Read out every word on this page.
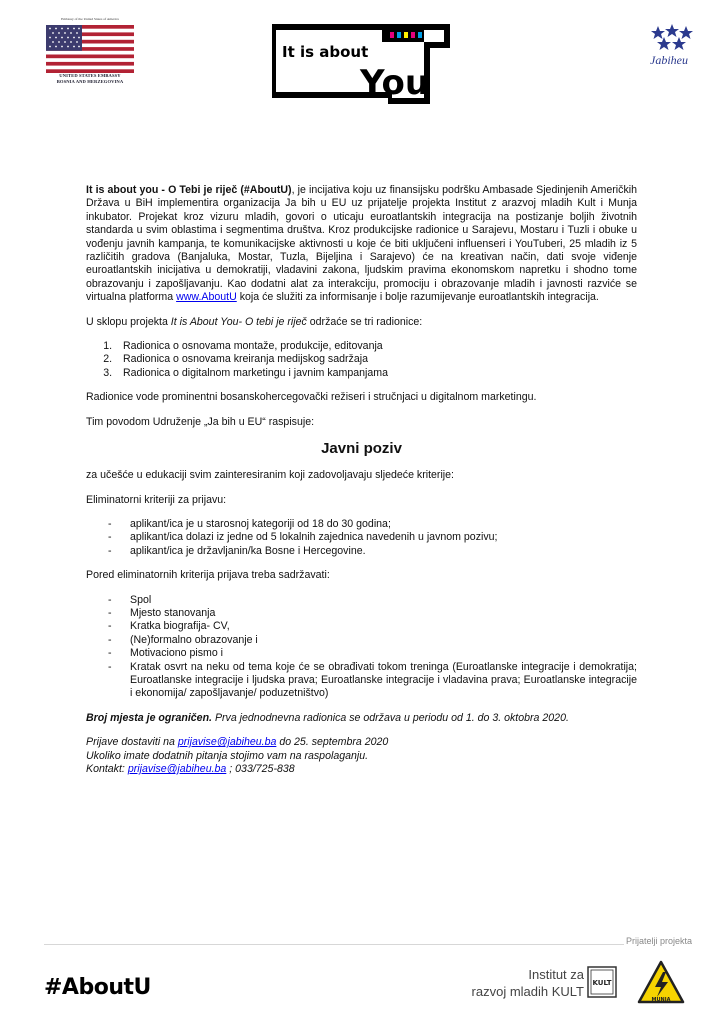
Embassy of the United States of America
UNITED STATES EMBASSY
BOSNIA AND HERZEGOVINA
It is about
You
Jabiheu

It is about you - O Tebi je riječ (#AboutU), je incijativa koju uz finansijsku podršku Ambasade Sjedinjenih Američkih Država u BiH implementira organizacija Ja bih u EU uz prijatelje projekta Institut z arazvoj mladih Kult i Munja inkubator. Projekat kroz vizuru mladih, govori o uticaju euroatlantskih integracija na postizanje boljih životnih standarda u svim oblastima i segmentima društva. Kroz produkcijske radionice u Sarajevu, Mostaru i Tuzli i obuke u vođenju javnih kampanja, te komunikacijske aktivnosti u koje će biti uključeni influenseri i YouTuberi, 25 mladih iz 5 različitih gradova (Banjaluka, Mostar, Tuzla, Bijeljina i Sarajevo) će na kreativan način, dati svoje viđenje euroatlantskih inicijativa u demokratiji, vladavini zakona, ljudskim pravima ekonomskom napretku i shodno tome obrazovanju i zapošljavanju. Kao dodatni alat za interakciju, promociju i obrazovanje mladih i javnosti razviće se virtualna platforma www.AboutU koja će služiti za informisanje i bolje razumijevanje euroatlantskih integracija.

U sklopu projekta It is About You- O tebi je riječ održaće se tri radionice:

1. Radionica o osnovama montaže, produkcije, editovanja
2. Radionica o osnovama kreiranja medijskog sadržaja
3. Radionica o digitalnom marketingu i javnim kampanjama

Radionice vode prominentni bosanskohercegovački režiseri i stručnjaci u digitalnom marketingu.

Tim povodom Udruženje „Ja bih u EU“ raspisuje:

Javni poziv

za učešće u edukaciji svim zainteresiranim koji zadovoljavaju sljedeće kriterije:

Eliminatorni kriteriji za prijavu:

- aplikant/ica je u starosnoj kategoriji od 18 do 30 godina;
- aplikant/ica dolazi iz jedne od 5 lokalnih zajednica navedenih u javnom pozivu;
- aplikant/ica je državljanin/ka Bosne i Hercegovine.

Pored eliminatornih kriterija prijava treba sadržavati:

- Spol
- Mjesto stanovanja
- Kratka biografija- CV,
- (Ne)formalno obrazovanje i
- Motivaciono pismo i
- Kratak osvrt na neku od tema koje će se obrađivati tokom treninga (Euroatlanske integracije i demokratija; Euroatlanske integracije i ljudska prava; Euroatlanske integracije i vladavina prava; Euroatlanske integracije i ekonomija/ zapošljavanje/ poduzetništvo)

Broj mjesta je ograničen. Prva jednodnevna radionica se održava u periodu od 1. do 3. oktobra 2020.

Prijave dostaviti na prijavise@jabiheu.ba do 25. septembra 2020

Ukoliko imate dodatnih pitanja stojimo vam na raspolaganju.

Kontakt: prijavise@jabiheu.ba ; 033/725-838

Prijatelji projekta
#AboutU
Institut za
razvoj mladih KULT
KULT
MUNJA
